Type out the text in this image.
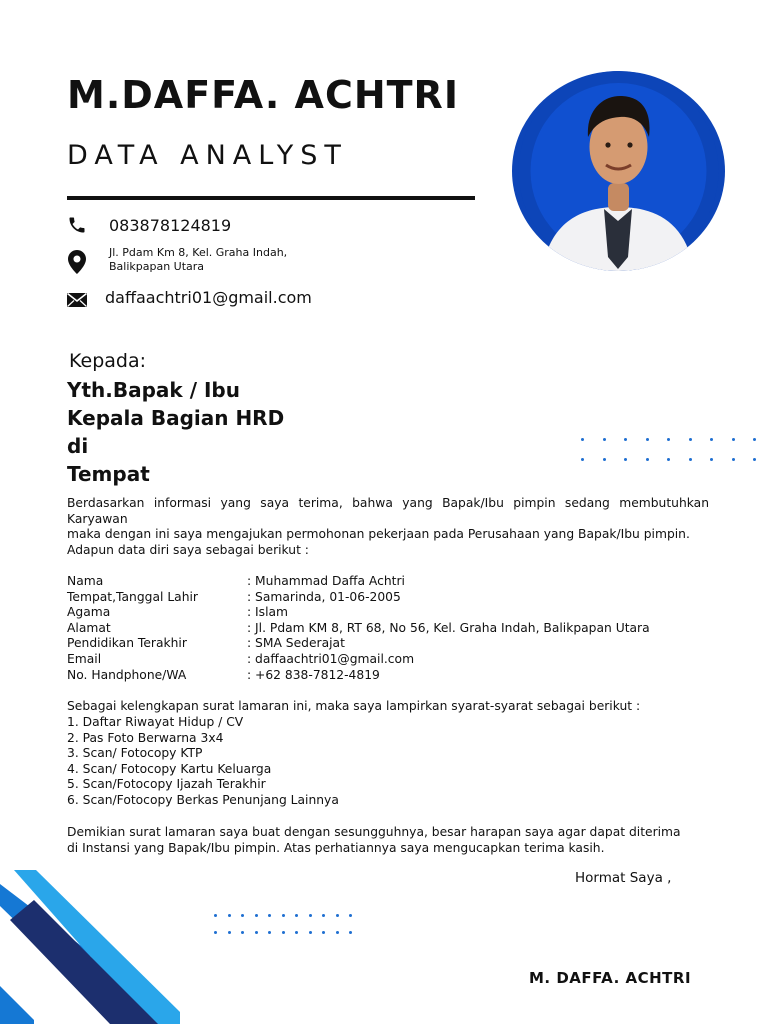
M.DAFFA. ACHTRI
DATA ANALYST
083878124819
Jl. Pdam Km 8, Kel. Graha Indah,
Balikpapan Utara
daffaachtri01@gmail.com
Kepada:
Yth.Bapak / Ibu
Kepala Bagian HRD
di
Tempat
Berdasarkan informasi yang saya terima, bahwa yang Bapak/Ibu pimpin sedang membutuhkan Karyawan
maka dengan ini saya mengajukan permohonan pekerjaan pada Perusahaan yang Bapak/Ibu pimpin.
Adapun data diri saya sebagai berikut :
Nama	: Muhammad Daffa Achtri
Tempat,Tanggal Lahir	: Samarinda, 01-06-2005
Agama	: Islam
Alamat	: Jl. Pdam KM 8, RT 68, No 56, Kel. Graha Indah, Balikpapan Utara
Pendidikan Terakhir	: SMA Sederajat
Email	: daffaachtri01@gmail.com
No. Handphone/WA	: +62 838-7812-4819
Sebagai kelengkapan surat lamaran ini, maka saya lampirkan syarat-syarat sebagai berikut :
1. Daftar Riwayat Hidup / CV
2. Pas Foto Berwarna 3x4
3. Scan/ Fotocopy KTP
4. Scan/ Fotocopy Kartu Keluarga
5. Scan/Fotocopy Ijazah Terakhir
6. Scan/Fotocopy Berkas Penunjang Lainnya
Demikian surat lamaran saya buat dengan sesungguhnya, besar harapan saya agar dapat diterima
di Instansi yang Bapak/Ibu pimpin. Atas perhatiannya saya mengucapkan terima kasih.
Hormat Saya ,
M. DAFFA. ACHTRI
